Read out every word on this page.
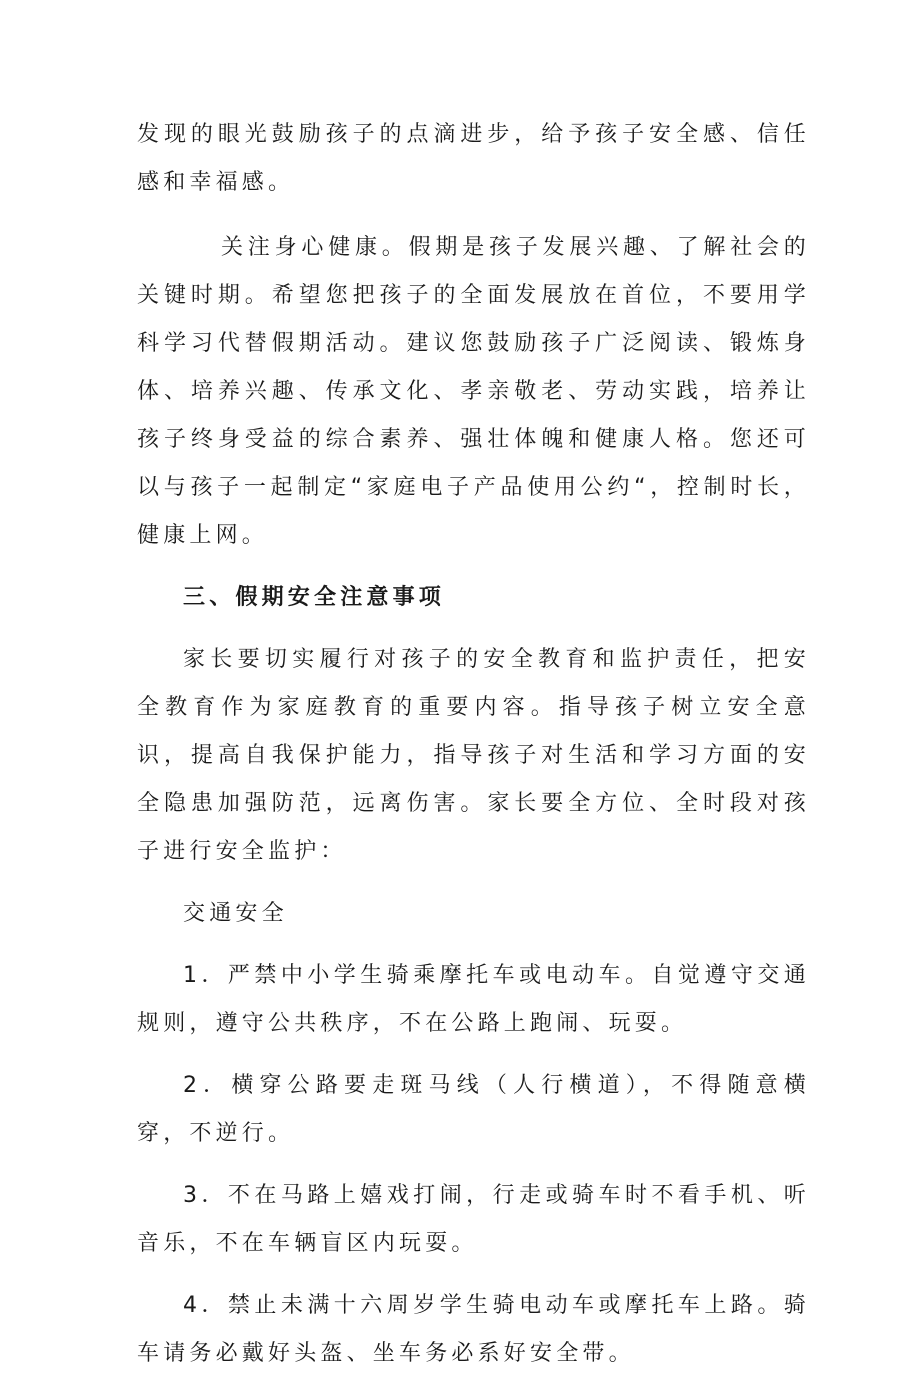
发现的眼光鼓励孩子的点滴进步，给予孩子安全感、信任感和幸福感。

关注身心健康。假期是孩子发展兴趣、了解社会的关键时期。希望您把孩子的全面发展放在首位，不要用学科学习代替假期活动。建议您鼓励孩子广泛阅读、锻炼身体、培养兴趣、传承文化、孝亲敬老、劳动实践，培养让孩子终身受益的综合素养、强壮体魄和健康人格。您还可以与孩子一起制定“家庭电子产品使用公约“，控制时长，健康上网。

三、假期安全注意事项

家长要切实履行对孩子的安全教育和监护责任，把安全教育作为家庭教育的重要内容。指导孩子树立安全意识，提高自我保护能力，指导孩子对生活和学习方面的安全隐患加强防范，远离伤害。家长要全方位、全时段对孩子进行安全监护：

交通安全

1．严禁中小学生骑乘摩托车或电动车。自觉遵守交通规则，遵守公共秩序，不在公路上跑闹、玩耍。

2．横穿公路要走斑马线（人行横道），不得随意横穿，不逆行。

3．不在马路上嬉戏打闹，行走或骑车时不看手机、听音乐，不在车辆盲区内玩耍。

4．禁止未满十六周岁学生骑电动车或摩托车上路。骑车请务必戴好头盔、坐车务必系好安全带。
